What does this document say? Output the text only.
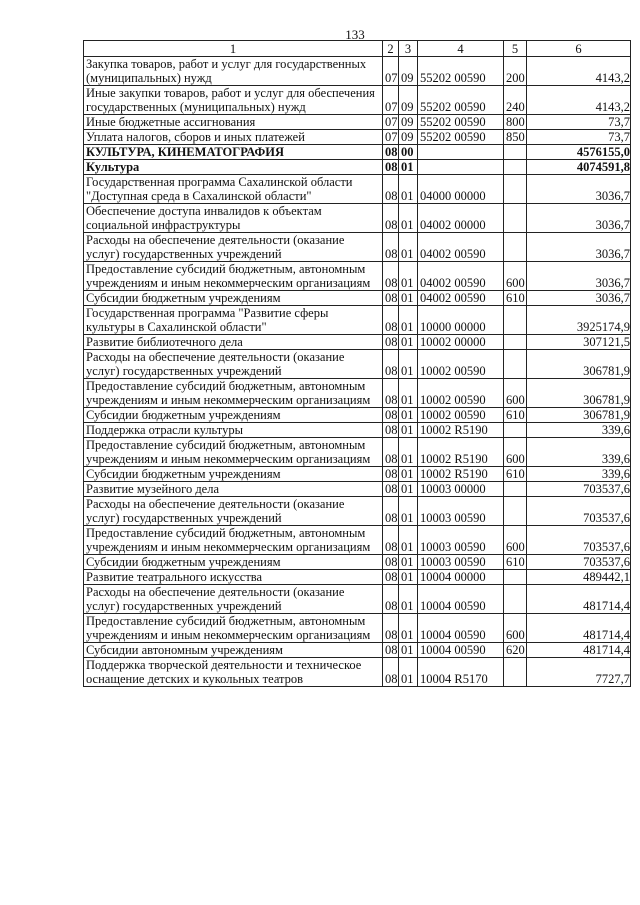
133
1	2	3	4	5	6
Закупка товаров, работ и услуг для государственных (муниципальных) нужд	07	09	55202 00590	200	4143,2
Иные закупки товаров, работ и услуг для обеспечения государственных (муниципальных) нужд	07	09	55202 00590	240	4143,2
Иные бюджетные ассигнования	07	09	55202 00590	800	73,7
Уплата налогов, сборов и иных платежей	07	09	55202 00590	850	73,7
КУЛЬТУРА, КИНЕМАТОГРАФИЯ	08	00			4576155,0
Культура	08	01			4074591,8
Государственная программа Сахалинской области "Доступная среда в Сахалинской области"	08	01	04000 00000		3036,7
Обеспечение доступа инвалидов к объектам социальной инфраструктуры	08	01	04002 00000		3036,7
Расходы на обеспечение деятельности (оказание услуг) государственных учреждений	08	01	04002 00590		3036,7
Предоставление субсидий бюджетным, автономным учреждениям и иным некоммерческим организациям	08	01	04002 00590	600	3036,7
Субсидии бюджетным учреждениям	08	01	04002 00590	610	3036,7
Государственная программа "Развитие сферы культуры в Сахалинской области"	08	01	10000 00000		3925174,9
Развитие библиотечного дела	08	01	10002 00000		307121,5
Расходы на обеспечение деятельности (оказание услуг) государственных учреждений	08	01	10002 00590		306781,9
Предоставление субсидий бюджетным, автономным учреждениям и иным некоммерческим организациям	08	01	10002 00590	600	306781,9
Субсидии бюджетным учреждениям	08	01	10002 00590	610	306781,9
Поддержка отрасли культуры	08	01	10002 R5190		339,6
Предоставление субсидий бюджетным, автономным учреждениям и иным некоммерческим организациям	08	01	10002 R5190	600	339,6
Субсидии бюджетным учреждениям	08	01	10002 R5190	610	339,6
Развитие музейного дела	08	01	10003 00000		703537,6
Расходы на обеспечение деятельности (оказание услуг) государственных учреждений	08	01	10003 00590		703537,6
Предоставление субсидий бюджетным, автономным учреждениям и иным некоммерческим организациям	08	01	10003 00590	600	703537,6
Субсидии бюджетным учреждениям	08	01	10003 00590	610	703537,6
Развитие театрального искусства	08	01	10004 00000		489442,1
Расходы на обеспечение деятельности (оказание услуг) государственных учреждений	08	01	10004 00590		481714,4
Предоставление субсидий бюджетным, автономным учреждениям и иным некоммерческим организациям	08	01	10004 00590	600	481714,4
Субсидии автономным учреждениям	08	01	10004 00590	620	481714,4
Поддержка творческой деятельности и техническое оснащение детских и кукольных театров	08	01	10004 R5170		7727,7
